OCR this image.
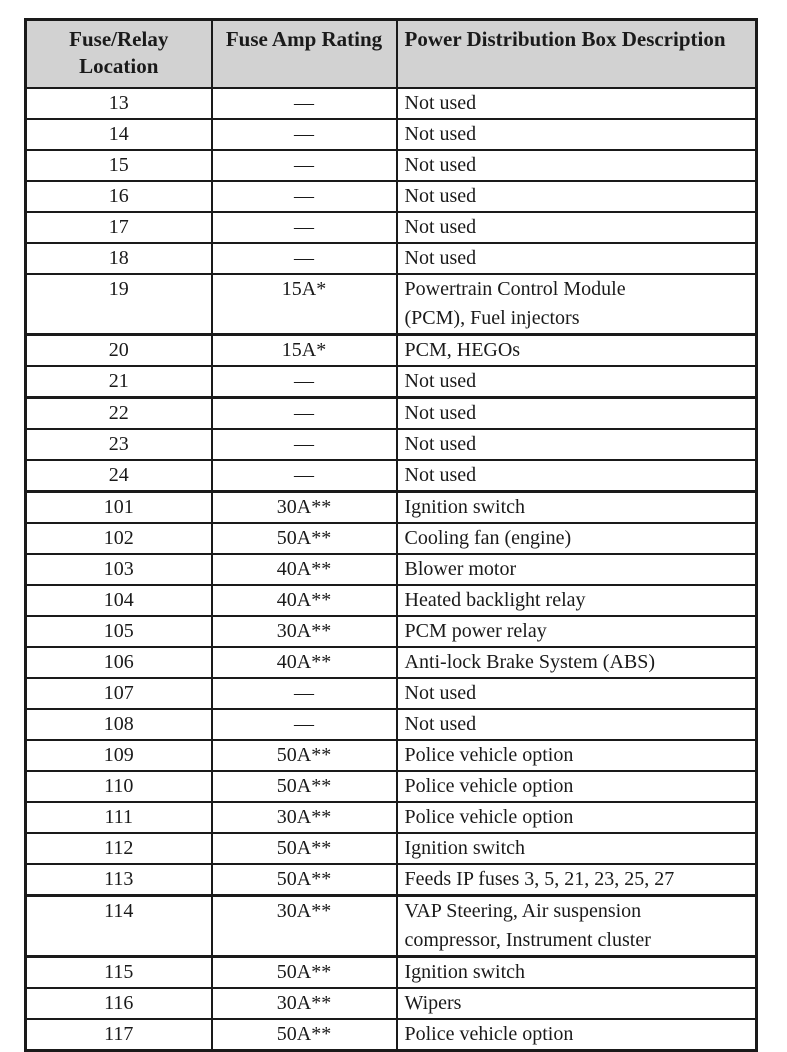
Fuse/Relay Location	Fuse Amp Rating	Power Distribution Box Description

13	—	Not used

14	—	Not used

15	—	Not used

16	—	Not used

17	—	Not used

18	—	Not used

19	15A*	Powertrain Control Module
(PCM), Fuel injectors

20	15A*	PCM, HEGOs

21	—	Not used

22	—	Not used

23	—	Not used

24	—	Not used

101	30A**	Ignition switch

102	50A**	Cooling fan (engine)

103	40A**	Blower motor

104	40A**	Heated backlight relay

105	30A**	PCM power relay

106	40A**	Anti-lock Brake System (ABS)

107	—	Not used

108	—	Not used

109	50A**	Police vehicle option

110	50A**	Police vehicle option

111	30A**	Police vehicle option

112	50A**	Ignition switch

113	50A**	Feeds IP fuses 3, 5, 21, 23, 25, 27

114	30A**	VAP Steering, Air suspension
compressor, Instrument cluster

115	50A**	Ignition switch

116	30A**	Wipers

117	50A**	Police vehicle option
